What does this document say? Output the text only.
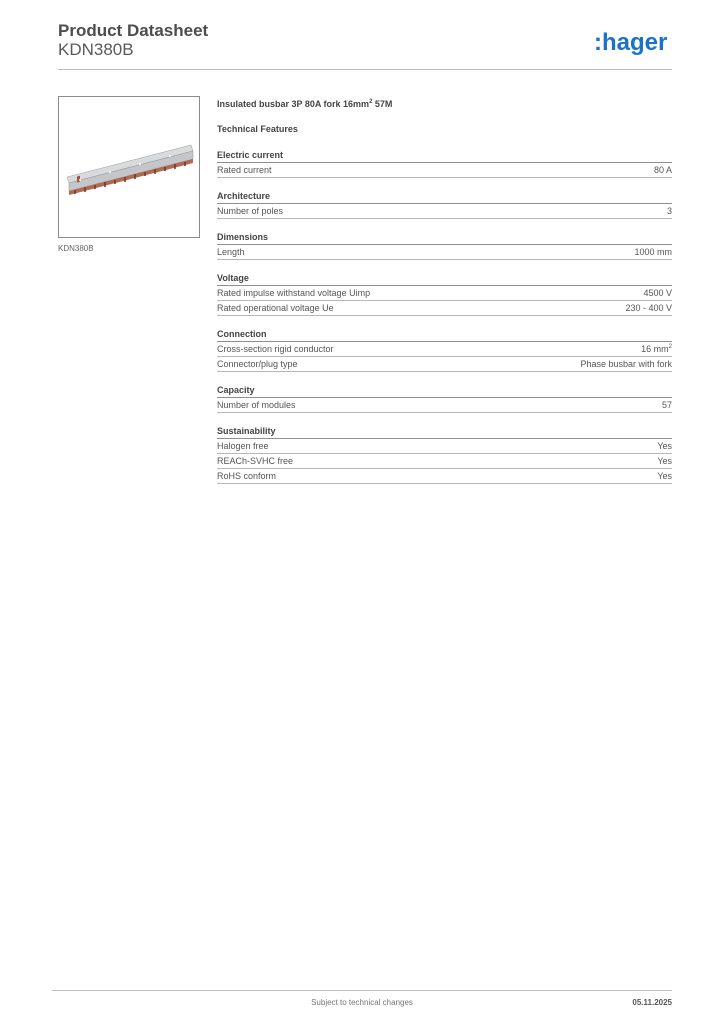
Product Datasheet
KDN380B	:hager
KDN380B
Insulated busbar 3P 80A fork $16mm^2$ 57M
Technical Features
Electric current
Rated current	80 A
Architecture
Number of poles	3
Dimensions
Length	1000 mm
Voltage
Rated impulse withstand voltage Uimp	4500 V
Rated operational voltage Ue	230 - 400 V
Connection
Cross-section rigid conductor	16 $mm^2$
Connector/plug type	Phase busbar with fork
Capacity
Number of modules	57
Sustainability
Halogen free	Yes
REACh-SVHC free	Yes
RoHS conform	Yes
Subject to technical changes	05.11.2025
